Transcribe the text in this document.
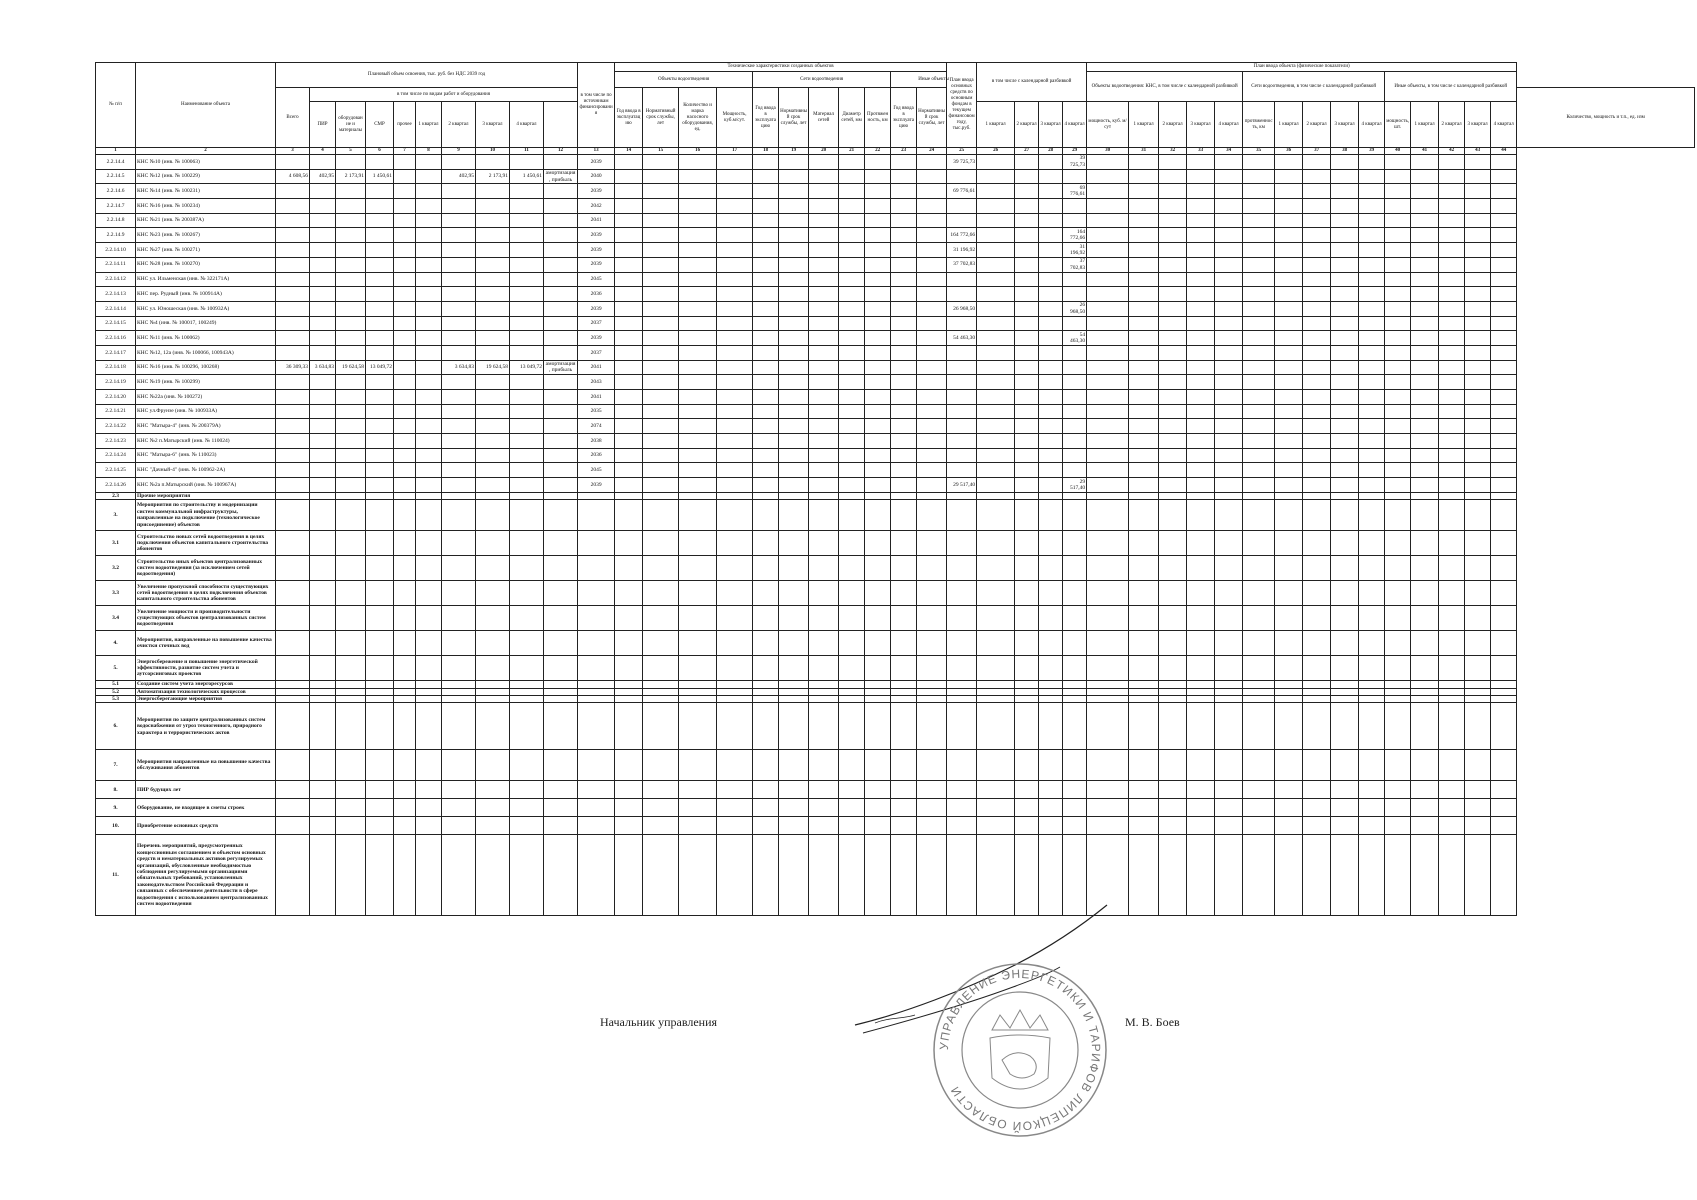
№ п/п	Наименование объекта	Плановый объем освоения, тыс. руб. без НДС 2039 год										в том числе по источникам финансирования	Технические характеристики созданных объектов											План ввода основных средств по основным фондам в текущем финансовом году, тыс.руб.	в том числе с календарной разбивкой				План ввода объекта (физические показатели)															
													Объекты водоотведения				Сети водоотведения					Иные объекты							Объекты водоотведения: КНС, в том числе с календарной разбивкой					Сети водоотведения, в том числе с календарной разбивкой					Иные объекты, в том числе с календарной разбивкой					
		Всего	в том числе по видам работ и оборудования										Год ввода в эксплуатацию	Нормативный срок службы, лет	Количество и марка насосного оборудования, ед.	Мощность, куб.м/сут.	Год ввода в эксплуатацию	Нормативный срок службы, лет	Материал сетей	Диаметр сетей, мм	Протяженность, км	Год ввода в эксплуатацию	Нормативный срок службы, лет																					Количество, мощность и т.п., ед. изм
			ПИР	оборудование и материалы	СМР	прочее	1 квартал	2 квартал	3 квартал	4 квартал															1 квартал	2 квартал	3 квартал	4 квартал	мощность, куб. м/сут	1 квартал	2 квартал	3 квартал	4 квартал	протяженность, км	1 квартал	2 квартал	3 квартал	4 квартал	мощность, шт.	1 квартал	2 квартал	3 квартал	4 квартал	
1	2	3	4	5	6	7	8	9	10	11	12	13	14	15	16	17	18	19	20	21	22	23	24	25	26	27	28	29	30	31	32	33	34	35	36	37	38	39	40	41	42	43	44	
2.2.14.4	КНС №10 (инв. № 100063)											2039												39 725,73				39 725,73																
2.2.14.5	КНС №12 (инв. № 100229)	4 608,56	402,95	2 173,91	1 450,61			402,95	2 173,91	1 450,61	амортизация, прибыль	2040																																
2.2.14.6	КНС №14 (инв. № 100231)											2039												69 776,61				69 776,61																
2.2.14.7	КНС №16 (инв. № 100234)											2042																																
2.2.14.8	КНС №21 (инв. № 200387А)											2041																																
2.2.14.9	КНС №23 (инв. № 100267)											2039												164 772,66				164 772,66																
2.2.14.10	КНС №27 (инв. № 100271)											2039												31 196,92				31 196,92																
2.2.14.11	КНС №28 (инв. № 100270)											2039												37 702,83				37 702,83																
2.2.14.12	КНС ул. Ильменская (инв. № 322171А)											2045																																
2.2.14.13	КНС пер. Рудный (инв. № 100914А)											2036																																
2.2.14.14	КНС ул. Юношеская (инв. № 100932А)											2039												26 968,50				26 968,50																
2.2.14.15	КНС №4 (инв. № 100017, 100249)											2037																																
2.2.14.16	КНС №11 (инв. № 100062)											2039												54 463,30				54 463,30																
2.2.14.17	КНС №12, 12а (инв. № 100066, 100943А)											2037																																
2.2.14.18	КНС №16 (инв. № 100296, 100268)	36 309,33	3 634,83	19 624,58	13 049,72			3 634,83	19 624,58	13 049,72	амортизация, прибыль	2041																																
2.2.14.19	КНС №19 (инв. № 100299)											2043																																
2.2.14.20	КНС №22а (инв. № 100272)											2041																																
2.2.14.21	КНС ул.Фрунзе (инв. № 100933А)											2035																																
2.2.14.22	КНС "Матыра-4" (инв. № 200379А)											2074																																
2.2.14.23	КНС №2 п.Матырский (инв. № 110024)											2038																																
2.2.14.24	КНС "Матыра-6" (инв. № 110023)											2036																																
2.2.14.25	КНС "Дачный-4" (инв. № 100962-2А)											2045																																
2.2.14.26	КНС №2а п.Матырский (инв. № 100967А)											2039												29 517,40				29 517,40																
2.3	Прочие мероприятия																																											
3.	Мероприятия по строительству и модернизации систем коммунальной инфраструктуры, направленные на подключение (технологическое присоединение) объектов																																											
3.1	Строительство новых сетей водоотведения в целях подключения объектов капитального строительства абонентов																																											
3.2	Строительство иных объектов централизованных систем водоотведения (за исключением сетей водоотведения)																																											
3.3	Увеличение пропускной способности существующих сетей водоотведения в целях подключения объектов капитального строительства абонентов																																											
3.4	Увеличение мощности и производительности существующих объектов централизованных систем водоотведения																																											
4.	Мероприятия, направленные на повышение качества очистки сточных вод																																											
5.	Энергосбережение и повышение энергетической эффективности, развитие систем учета и аутсорсинговых проектов																																											
5.1	Создание систем учета энергоресурсов																																											
5.2	Автоматизация технологических процессов																																											
5.3	Энергосберегающие мероприятия																																											
6.	Мероприятия по защите централизованных систем водоснабжения от угроз техногенного, природного характера и террористических актов																																											
7.	Мероприятия направленные на повышение качества обслуживания абонентов																																											
8.	ПИР будущих лет																																											
9.	Оборудование, не входящее в сметы строек																																											
10.	Приобретение основных средств																																											
11.	Перечень мероприятий, предусмотренных концессионным соглашением и объектом основных средств и нематериальных активов регулируемых организаций, обусловленные необходимостью соблюдения регулируемыми организациями обязательных требований, установленных законодательством Российской Федерации и связанных с обеспечением деятельности в сфере водоотведения с использованием централизованных систем водоотведения																																											
Начальник управления	М. В. Боев
УПРАВЛЕНИЕ ЭНЕРГЕТИКИ И ТАРИФОВ ЛИПЕЦКОЙ ОБЛАСТИ
